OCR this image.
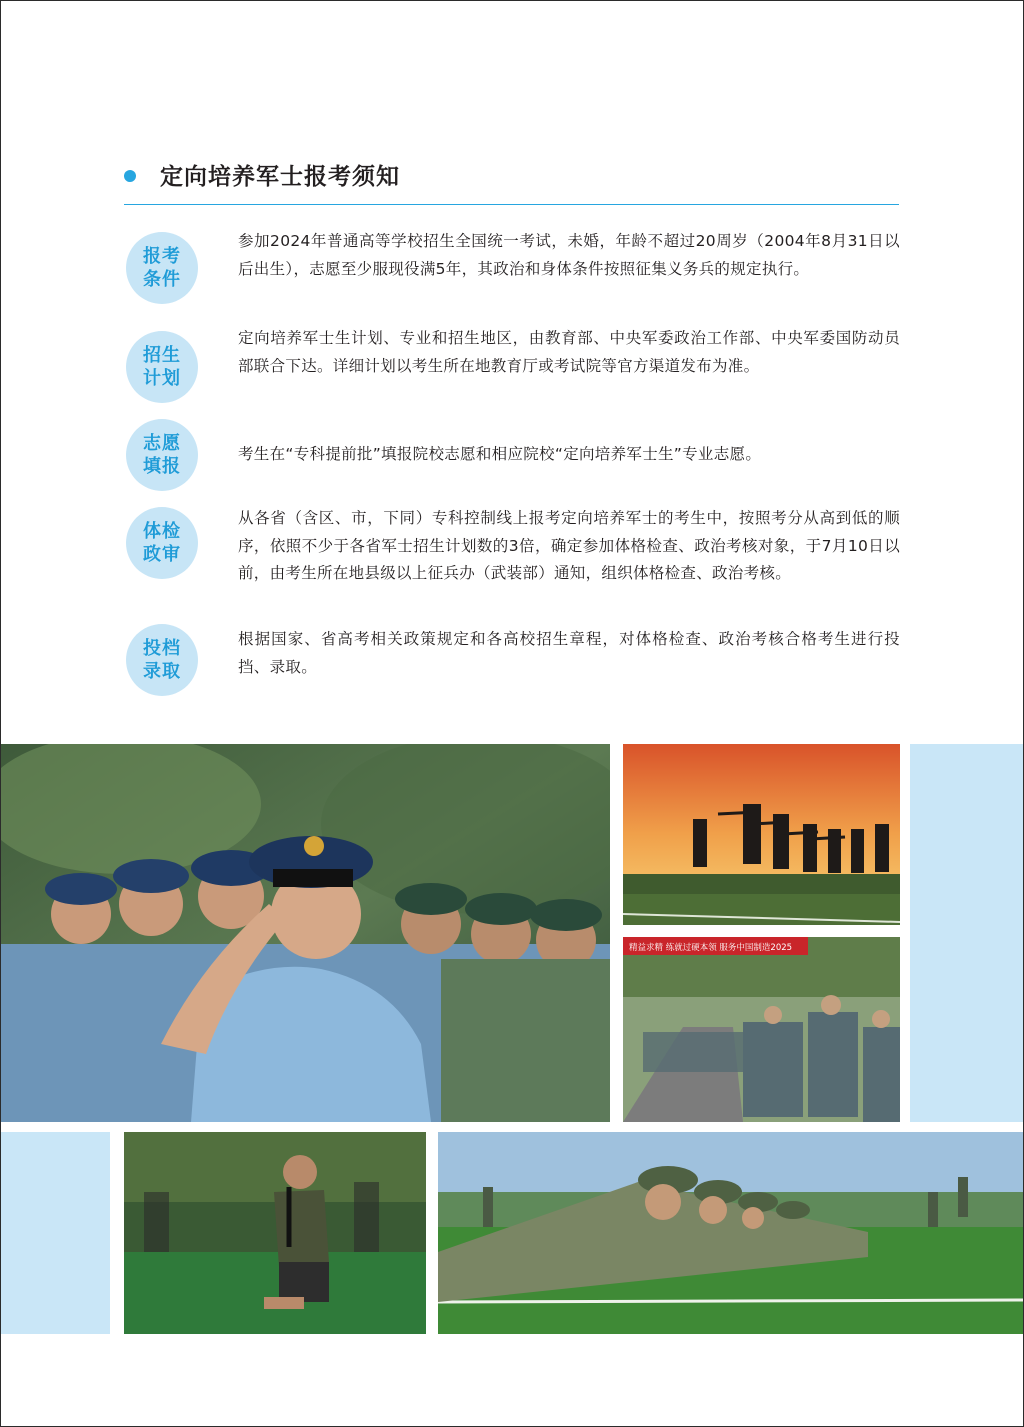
定向培养军士报考须知
报考
条件
参加2024年普通高等学校招生全国统一考试，未婚，年龄不超过20周岁（2004年8月31日以后出生），志愿至少服现役满5年，其政治和身体条件按照征集义务兵的规定执行。
招生
计划
定向培养军士生计划、专业和招生地区，由教育部、中央军委政治工作部、中央军委国防动员部联合下达。详细计划以考生所在地教育厅或考试院等官方渠道发布为准。
志愿
填报
考生在“专科提前批”填报院校志愿和相应院校“定向培养军士生”专业志愿。
体检
政审
从各省（含区、市，下同）专科控制线上报考定向培养军士的考生中，按照考分从高到低的顺序，依照不少于各省军士招生计划数的3倍，确定参加体格检查、政治考核对象，于7月10日以前，由考生所在地县级以上征兵办（武装部）通知，组织体格检查、政治考核。
投档
录取
根据国家、省高考相关政策规定和各高校招生章程，对体格检查、政治考核合格考生进行投挡、录取。
精益求精 练就过硬本领 服务中国制造2025
